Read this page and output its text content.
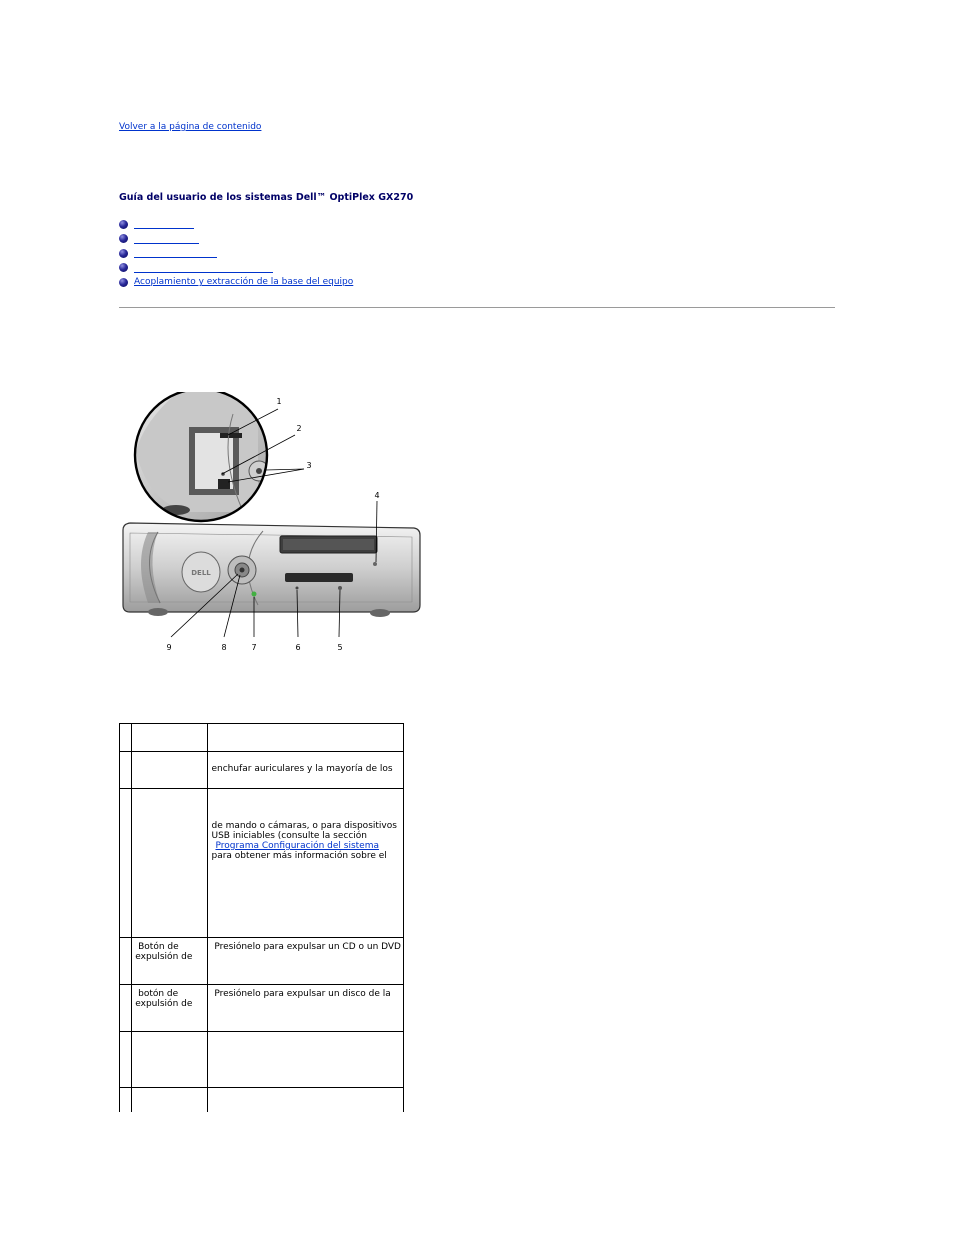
Volver a la página de contenido
Guía del usuario de los sistemas Dell™ OptiPlex GX270
Acoplamiento y extracción de la base del equipo
DELL
1
2
3
4
5
6
7
8
9

		enchufar auriculares y la mayoría de los

		de mando o cámaras, o para dispositivos
USB iniciables (consulte la sección
Programa Configuración del sistema
para obtener más información sobre el

	Botón de
expulsión de	Presiónelo para expulsar un CD o un DVD

	botón de
expulsión de	Presiónelo para expulsar un disco de la
